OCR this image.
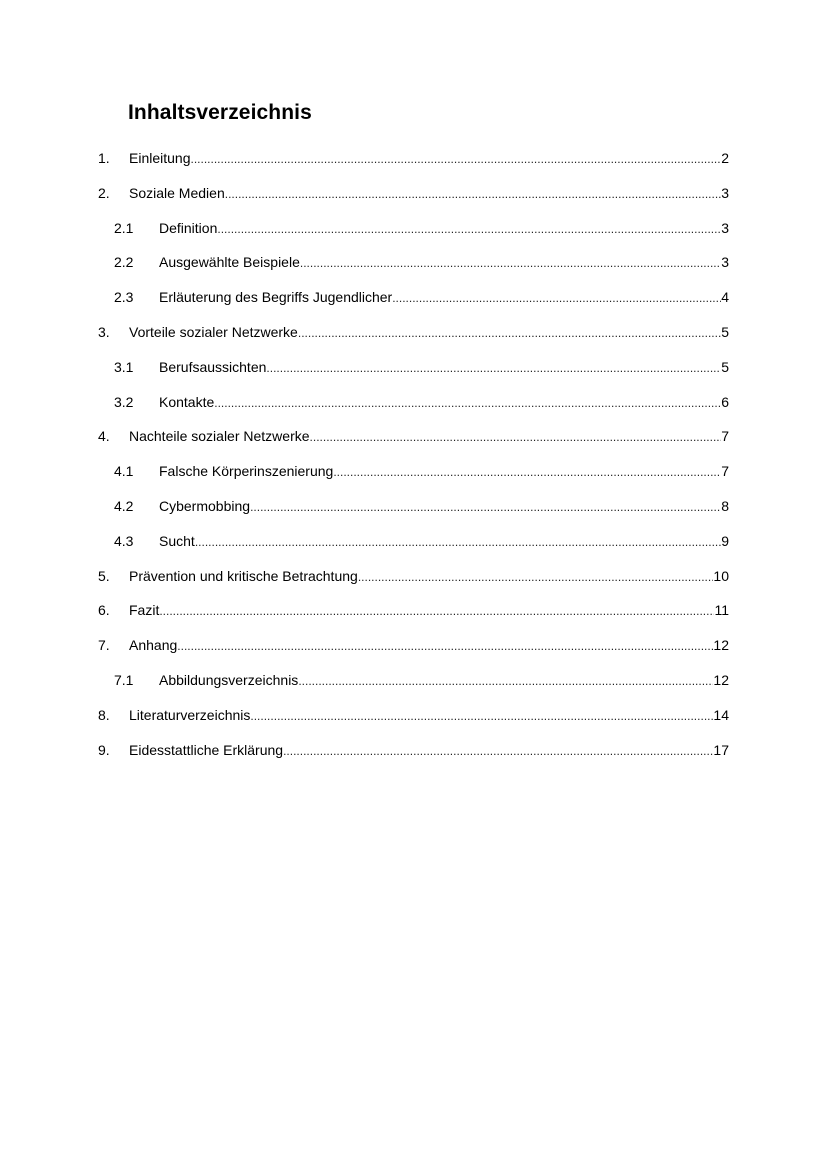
Inhaltsverzeichnis
1. Einleitung .....	2
2. Soziale Medien .....	3
2.1 Definition .....	3
2.2 Ausgewählte Beispiele .....	3
2.3 Erläuterung des Begriffs Jugendlicher .....	4
3. Vorteile sozialer Netzwerke .....	5
3.1 Berufsaussichten .....	5
3.2 Kontakte .....	6
4. Nachteile sozialer Netzwerke .....	7
4.1 Falsche Körperinszenierung .....	7
4.2 Cybermobbing .....	8
4.3 Sucht .....	9
5. Prävention und kritische Betrachtung .....	10
6. Fazit .....	11
7. Anhang .....	12
7.1 Abbildungsverzeichnis .....	12
8. Literaturverzeichnis .....	14
9. Eidesstattliche Erklärung .....	17
